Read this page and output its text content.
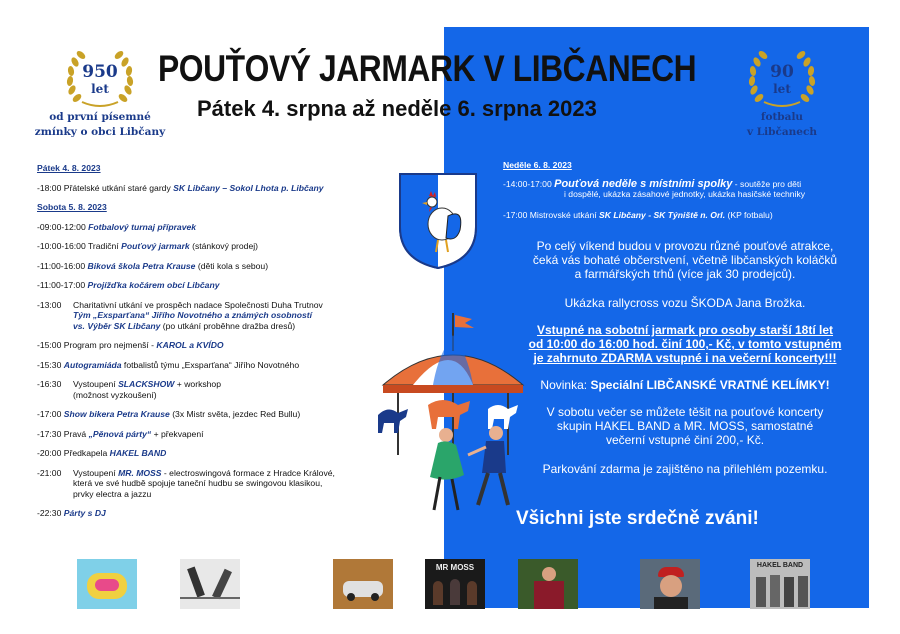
950
let
od první písemné
zmínky o obci Libčany
90
let
fotbalu
v Libčanech
POUŤOVÝ JARMARK V LIBČANECH
Pátek 4. srpna až neděle 6. srpna 2023
Pátek 4. 8. 2023
-18:00 Přátelské utkání staré gardy SK Libčany – Sokol Lhota p. Libčany
Sobota 5. 8. 2023
-09:00-12:00 Fotbalový turnaj přípravek
-10:00-16:00 Tradiční Pouťový jarmark (stánkový prodej)
-11:00-16:00 Biková škola Petra Krause (děti kola s sebou)
-11:00-17:00 Projížďka kočárem obcí Libčany
-13:00	Charitativní utkání ve prospěch nadace Společnosti Duha Trutnov
Tým „Exsparťana“ Jiřího Novotného a známých osobností
vs. Výběr SK Libčany (po utkání proběhne dražba dresů)
-15:00 Program pro nejmenší - KAROL a KVÍDO
-15:30 Autogramiáda fotbalistů týmu „Exsparťana“ Jiřího Novotného
-16:30	Vystoupení SLACKSHOW + workshop
(možnost vyzkoušení)
-17:00 Show bikera Petra Krause (3x Mistr světa, jezdec Red Bullu)
-17:30 Pravá „Pěnová párty“ + překvapení
-20:00 Předkapela HAKEL BAND
-21:00	Vystoupení MR. MOSS - electroswingová formace z Hradce Králové,
která ve své hudbě spojuje taneční hudbu se swingovou klasikou,
prvky electra a jazzu
-22:30 Párty s DJ
Neděle 6. 8. 2023
-14:00-17:00 Pouťová neděle s místními spolky - soutěže pro děti
i dospělé, ukázka zásahové jednotky, ukázka hasičské techniky
-17:00 Mistrovské utkání SK Libčany - SK Týniště n. Orl. (KP fotbalu)
Po celý víkend budou v provozu různé pouťové atrakce,
čeká vás bohaté občerstvení, včetně libčanských koláčků
a farmářských trhů (více jak 30 prodejců).
Ukázka rallycross vozu ŠKODA Jana Brožka.
Vstupné na sobotní jarmark pro osoby starší 18tí let
od 10:00 do 16:00 hod. činí 100,- Kč, v tomto vstupném
je zahrnuto ZDARMA vstupné i na večerní koncerty!!!
Novinka: Speciální LIBČANSKÉ VRATNÉ KELÍMKY!
V sobotu večer se můžete těšit na pouťové koncerty
skupin HAKEL BAND a MR. MOSS, samostatné
večerní vstupné činí 200,- Kč.
Parkování zdarma je zajištěno na přilehlém pozemku.
Všichni jste srdečně zváni!
MR MOSS	HAKEL BAND
